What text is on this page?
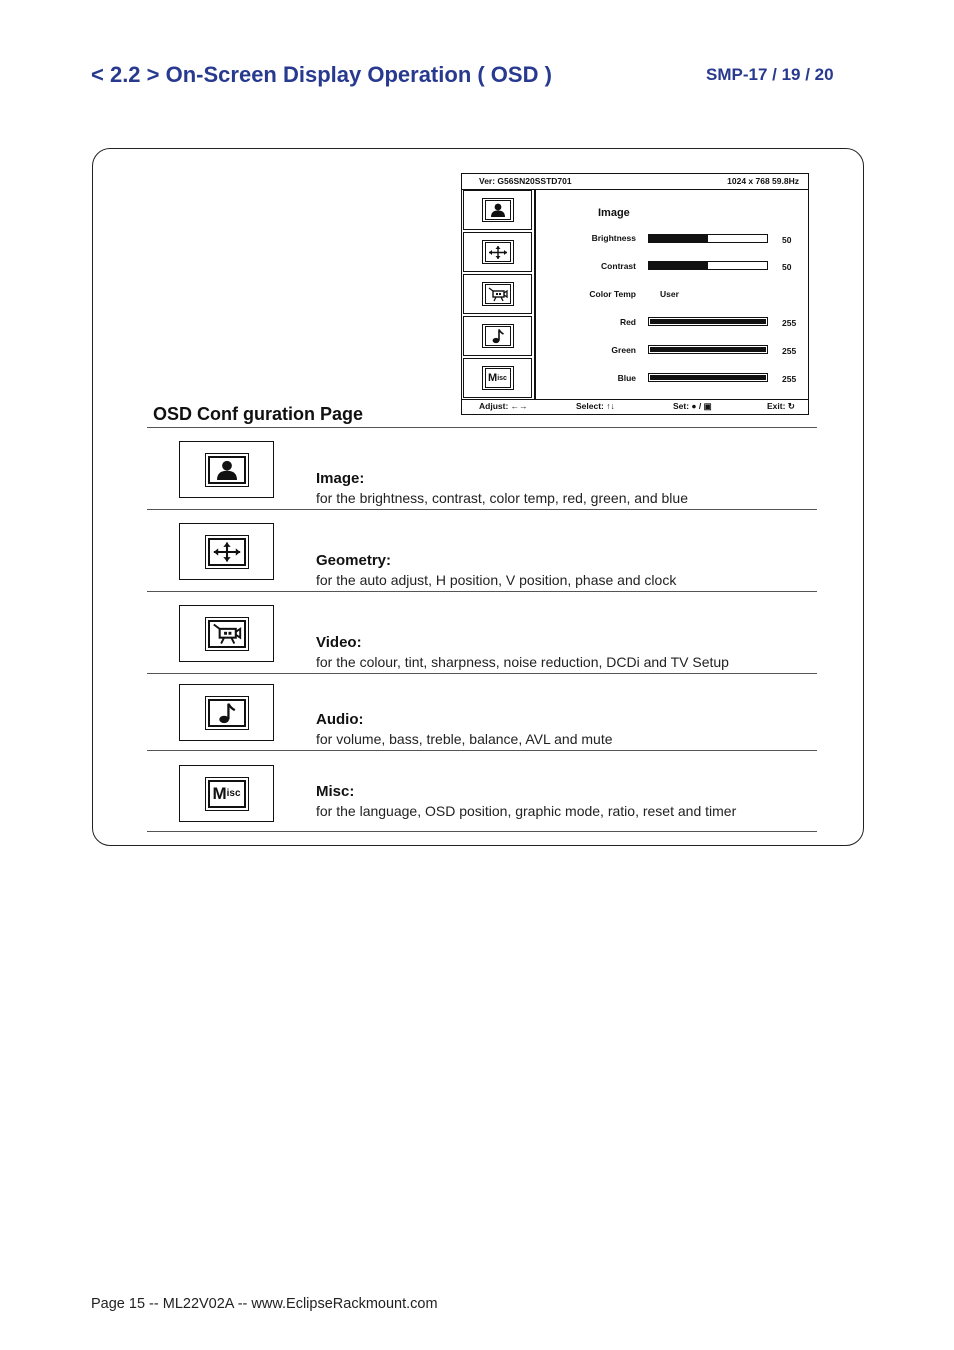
< 2.2 > On-Screen Display Operation ( OSD )	SMP-17 / 19 / 20
Ver: G56SN20SSTD701	1024 x 768 59.8Hz
M isc
Image
Brightness	50
Contrast	50
Color Temp	User
Red	255
Green	255
Blue	255
Adjust: ←→	Select: ↑↓	Set: ● / ▣	Exit: ↻
OSD Conf guration Page
Image:
for the brightness, contrast, color temp, red, green, and blue
Geometry:
for the auto adjust, H position, V position, phase and clock
Video:
for the colour, tint, sharpness, noise reduction, DCDi and TV Setup
Audio:
for volume, bass, treble, balance, AVL and mute
M isc	Misc:
for the language, OSD position, graphic mode, ratio, reset and timer
Page 15 -- ML22V02A -- www.EclipseRackmount.com
